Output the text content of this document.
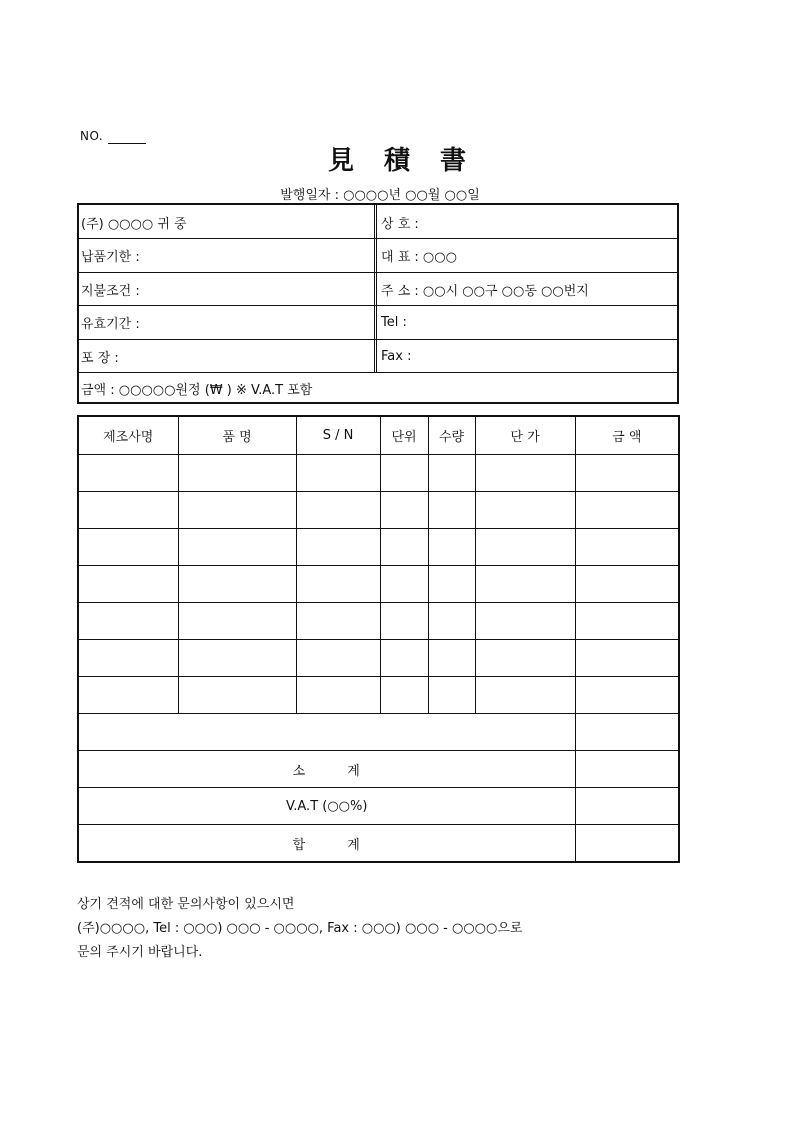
NO.
見積書
발행일자 : ○○○○년 ○○월 ○○일
(주) ○○○○ 귀 중	상 호 :
납품기한 :	대 표 : ○○○
지불조건 :	주 소 : ○○시 ○○구 ○○동 ○○번지
유효기간 :	Tel :
포 장 :	Fax :
금액 : ○○○○○원정 (₩ ) ※ V.A.T 포함
제조사명	품 명	S / N	단위	수량	단 가	금 액

소        계						
V.A.T (○○%)						
합        계						
상기 견적에 대한 문의사항이 있으시면
(주)○○○○, Tel : ○○○) ○○○ - ○○○○, Fax : ○○○) ○○○ - ○○○○으로
문의 주시기 바랍니다.
